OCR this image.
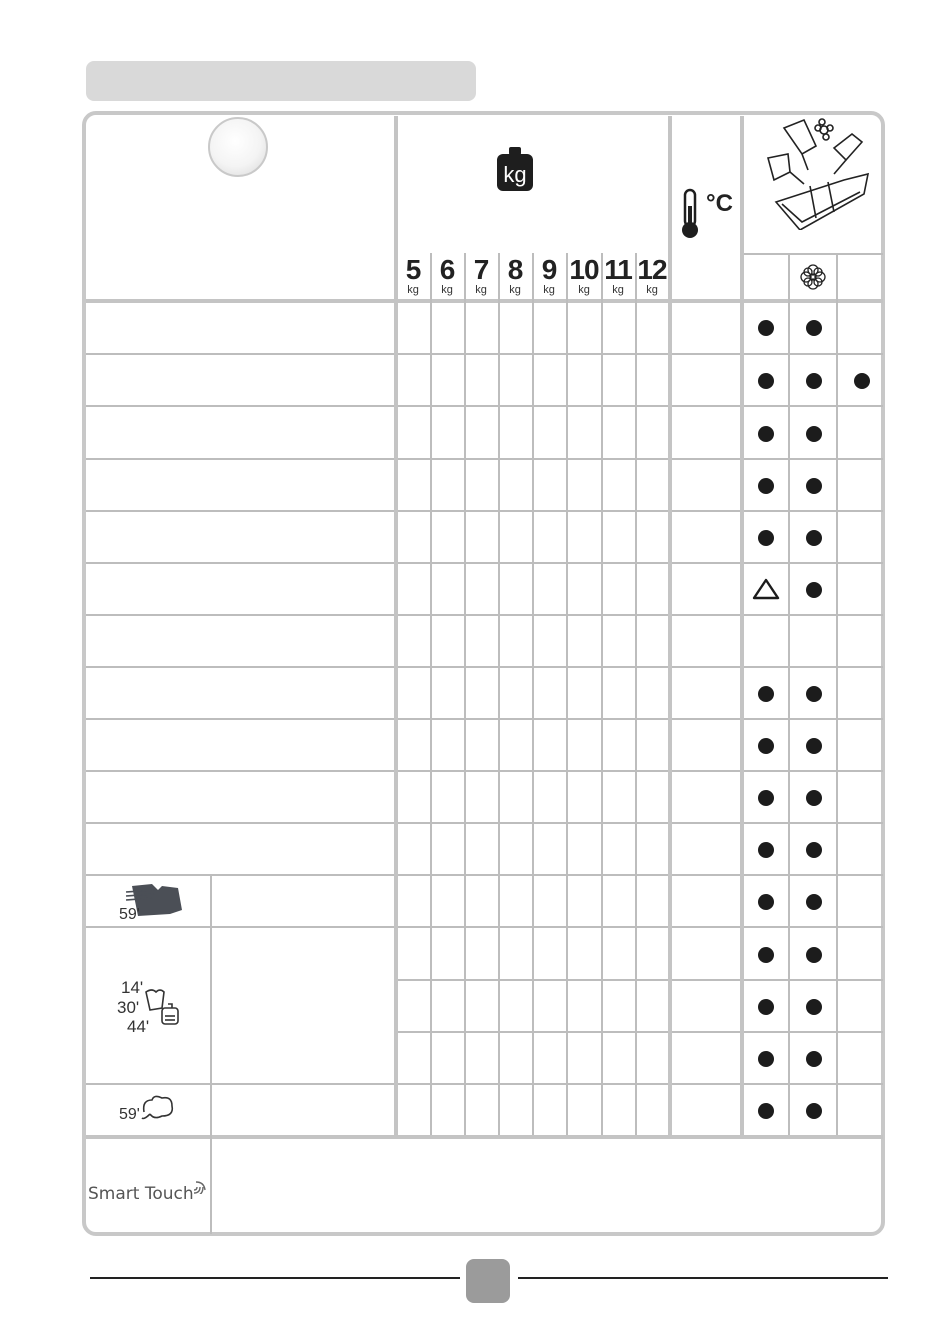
kg
°C
5
kg
6
kg
7
kg
8
kg
9
kg
10
kg
11
kg
12
kg
59'
14'
30'
44'
59'
Smart Touch
